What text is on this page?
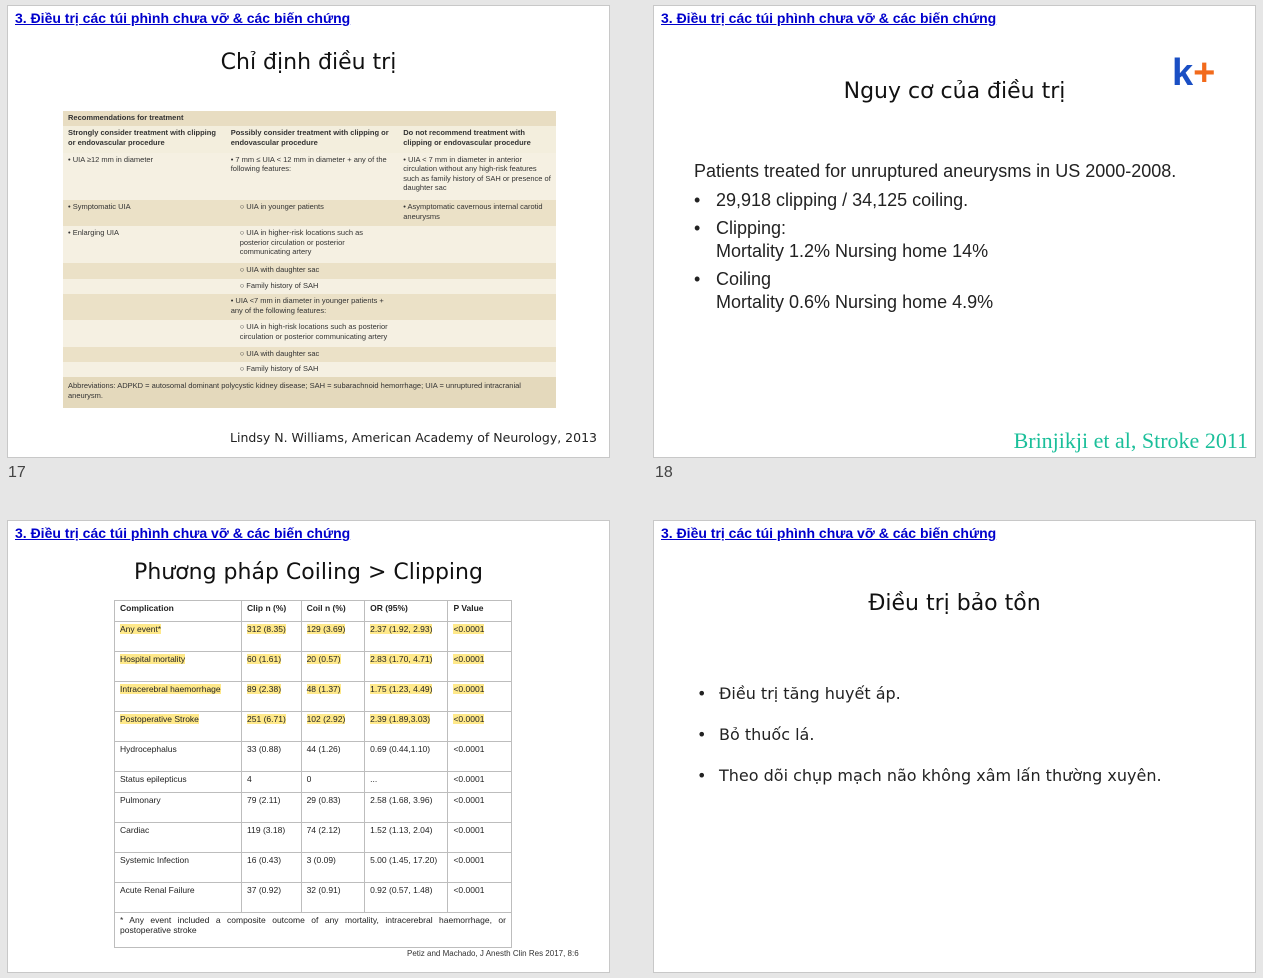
3. Điều trị các túi phình chưa vỡ & các biến chứng
Chỉ định điều trị
Recommendations for treatment		
Strongly consider treatment with clipping or endovascular procedure	Possibly consider treatment with clipping or endovascular procedure	Do not recommend treatment with clipping or endovascular procedure
• UIA ≥12 mm in diameter	• 7 mm ≤ UIA < 12 mm in diameter + any of the following features:	• UIA < 7 mm in diameter in anterior circulation without any high-risk features such as family history of SAH or presence of daughter sac
• Symptomatic UIA	○ UIA in younger patients	• Asymptomatic cavernous internal carotid aneurysms
• Enlarging UIA	○ UIA in higher-risk locations such as posterior circulation or posterior communicating artery	
	○ UIA with daughter sac	
	○ Family history of SAH	
	• UIA <7 mm in diameter in younger patients + any of the following features:	
	○ UIA in high-risk locations such as posterior circulation or posterior communicating artery	
	○ UIA with daughter sac	
	○ Family history of SAH	
Abbreviations: ADPKD = autosomal dominant polycystic kidney disease; SAH = subarachnoid hemorrhage; UIA = unruptured intracranial aneurysm.		
Lindsy N. Williams, American Academy of Neurology, 2013
17
3. Điều trị các túi phình chưa vỡ & các biến chứng
Nguy cơ của điều trị	k+

Patients treated for unruptured aneurysms in US 2000-2008.

• 29,918 clipping / 34,125 coiling.
• Clipping:
Mortality 1.2% Nursing home 14%
• Coiling
Mortality 0.6% Nursing home 4.9%
Brinjikji et al, Stroke 2011
18
3. Điều trị các túi phình chưa vỡ & các biến chứng
Phương pháp Coiling > Clipping
Complication	Clip n (%)	Coil n (%)	OR (95%)	P Value
Any event*	312 (8.35)	129 (3.69)	2.37 (1.92, 2.93)	<0.0001
Hospital mortality	60 (1.61)	20 (0.57)	2.83 (1.70, 4.71)	<0.0001
Intracerebral haemorrhage	89 (2.38)	48 (1.37)	1.75 (1.23, 4.49)	<0.0001
Postoperative Stroke	251 (6.71)	102 (2.92)	2.39 (1.89,3.03)	<0.0001
Hydrocephalus	33 (0.88)	44 (1.26)	0.69 (0.44,1.10)	<0.0001
Status epilepticus	4	0	...	<0.0001
Pulmonary	79 (2.11)	29 (0.83)	2.58 (1.68, 3.96)	<0.0001
Cardiac	119 (3.18)	74 (2.12)	1.52 (1.13, 2.04)	<0.0001
Systemic Infection	16 (0.43)	3 (0.09)	5.00 (1.45, 17.20)	<0.0001
Acute Renal Failure	37 (0.92)	32 (0.91)	0.92 (0.57, 1.48)	<0.0001
* Any event included a composite outcome of any mortality, intracerebral haemorrhage, or postoperative stroke				
Petiz and Machado, J Anesth Clin Res 2017, 8:6
3. Điều trị các túi phình chưa vỡ & các biến chứng
Điều trị bảo tồn
• Điều trị tăng huyết áp.
• Bỏ thuốc lá.
• Theo dõi chụp mạch não không xâm lấn thường xuyên.
